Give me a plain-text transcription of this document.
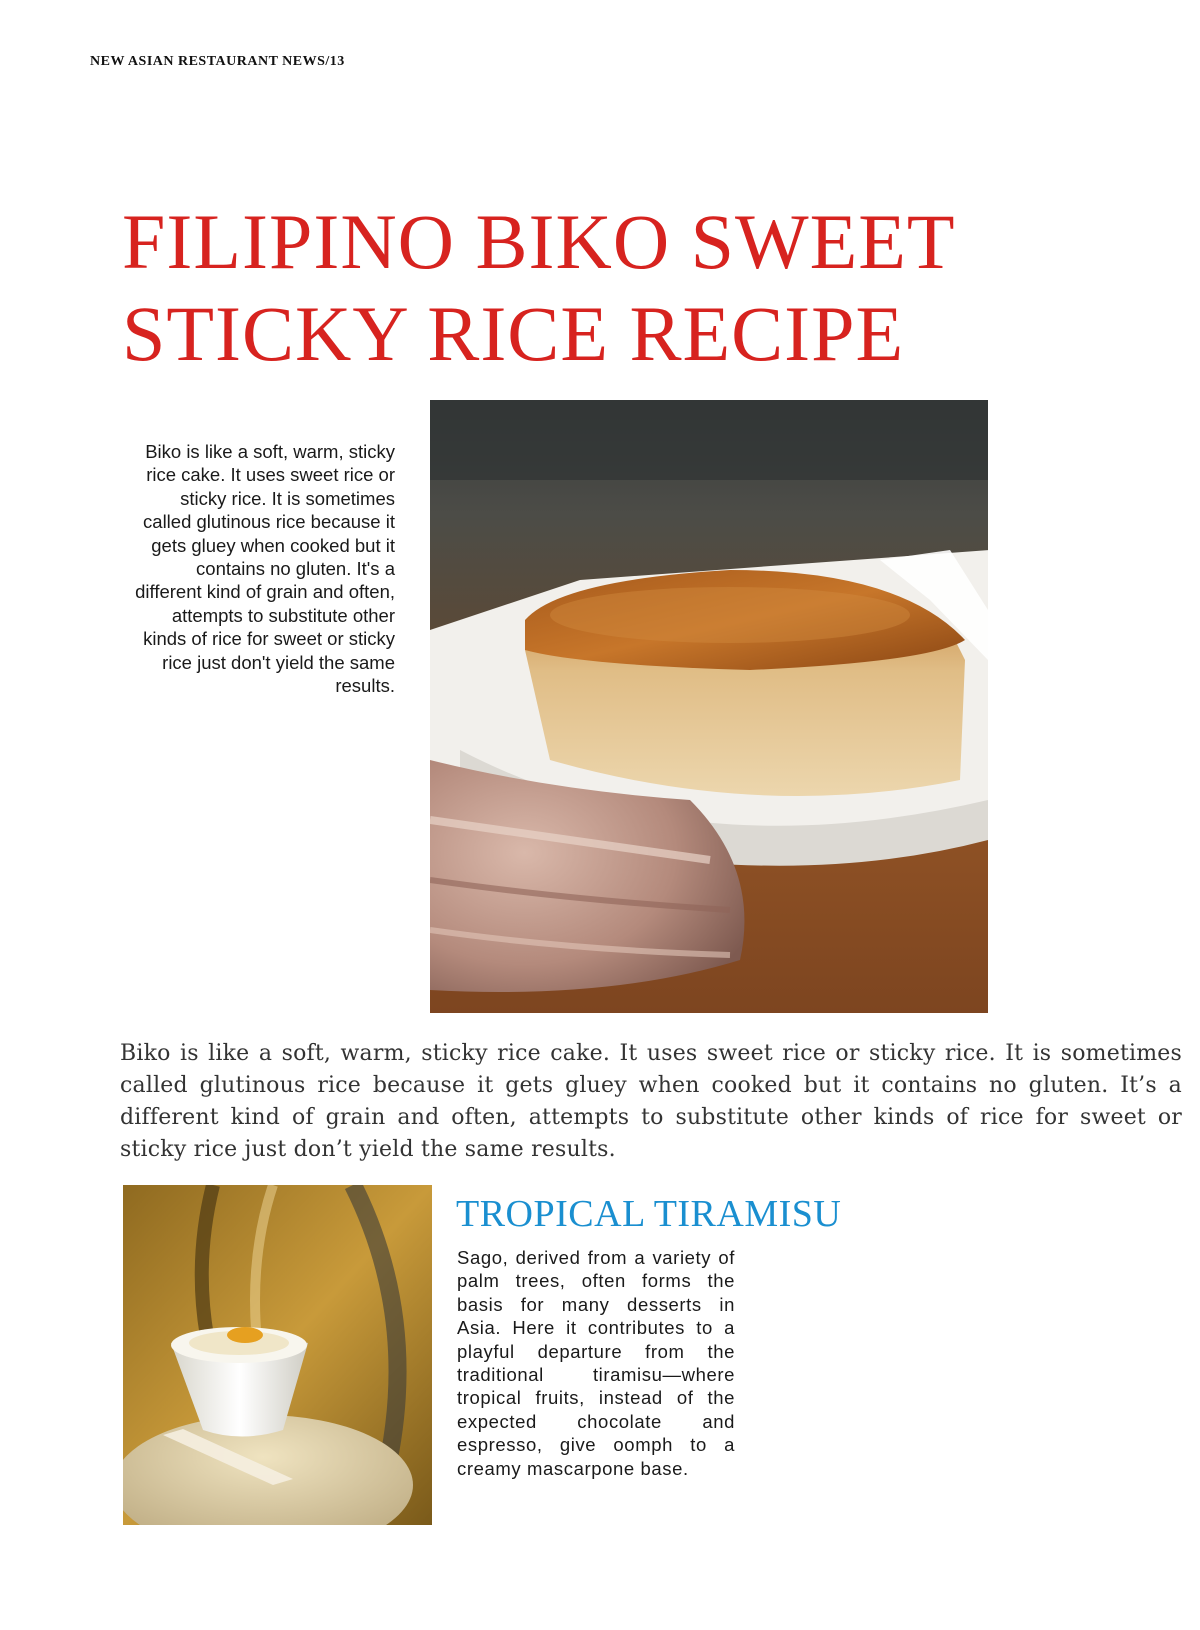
NEW ASIAN RESTAURANT NEWS/13
FILIPINO BIKO SWEET STICKY RICE RECIPE
Biko is like a soft, warm, sticky rice cake. It uses sweet rice or sticky rice. It is sometimes called glutinous rice because it gets gluey when cooked but it contains no gluten. It's a different kind of grain and often, attempts to substitute other kinds of rice for sweet or sticky rice just don't yield the same results.
Biko is like a soft, warm, sticky rice cake. It uses sweet rice or sticky rice. It is sometimes called glutinous rice because it gets gluey when cooked but it contains no gluten. It’s a different kind of grain and often, attempts to substitute other kinds of rice for sweet or sticky rice just don’t yield the same results.
TROPICAL TIRAMISU
Sago, derived from a variety of palm trees, often forms the basis for many desserts in Asia. Here it contributes to a playful departure from the traditional tiramisu—where tropical fruits, instead of the expected chocolate and espresso, give oomph to a creamy mascarpone base.
